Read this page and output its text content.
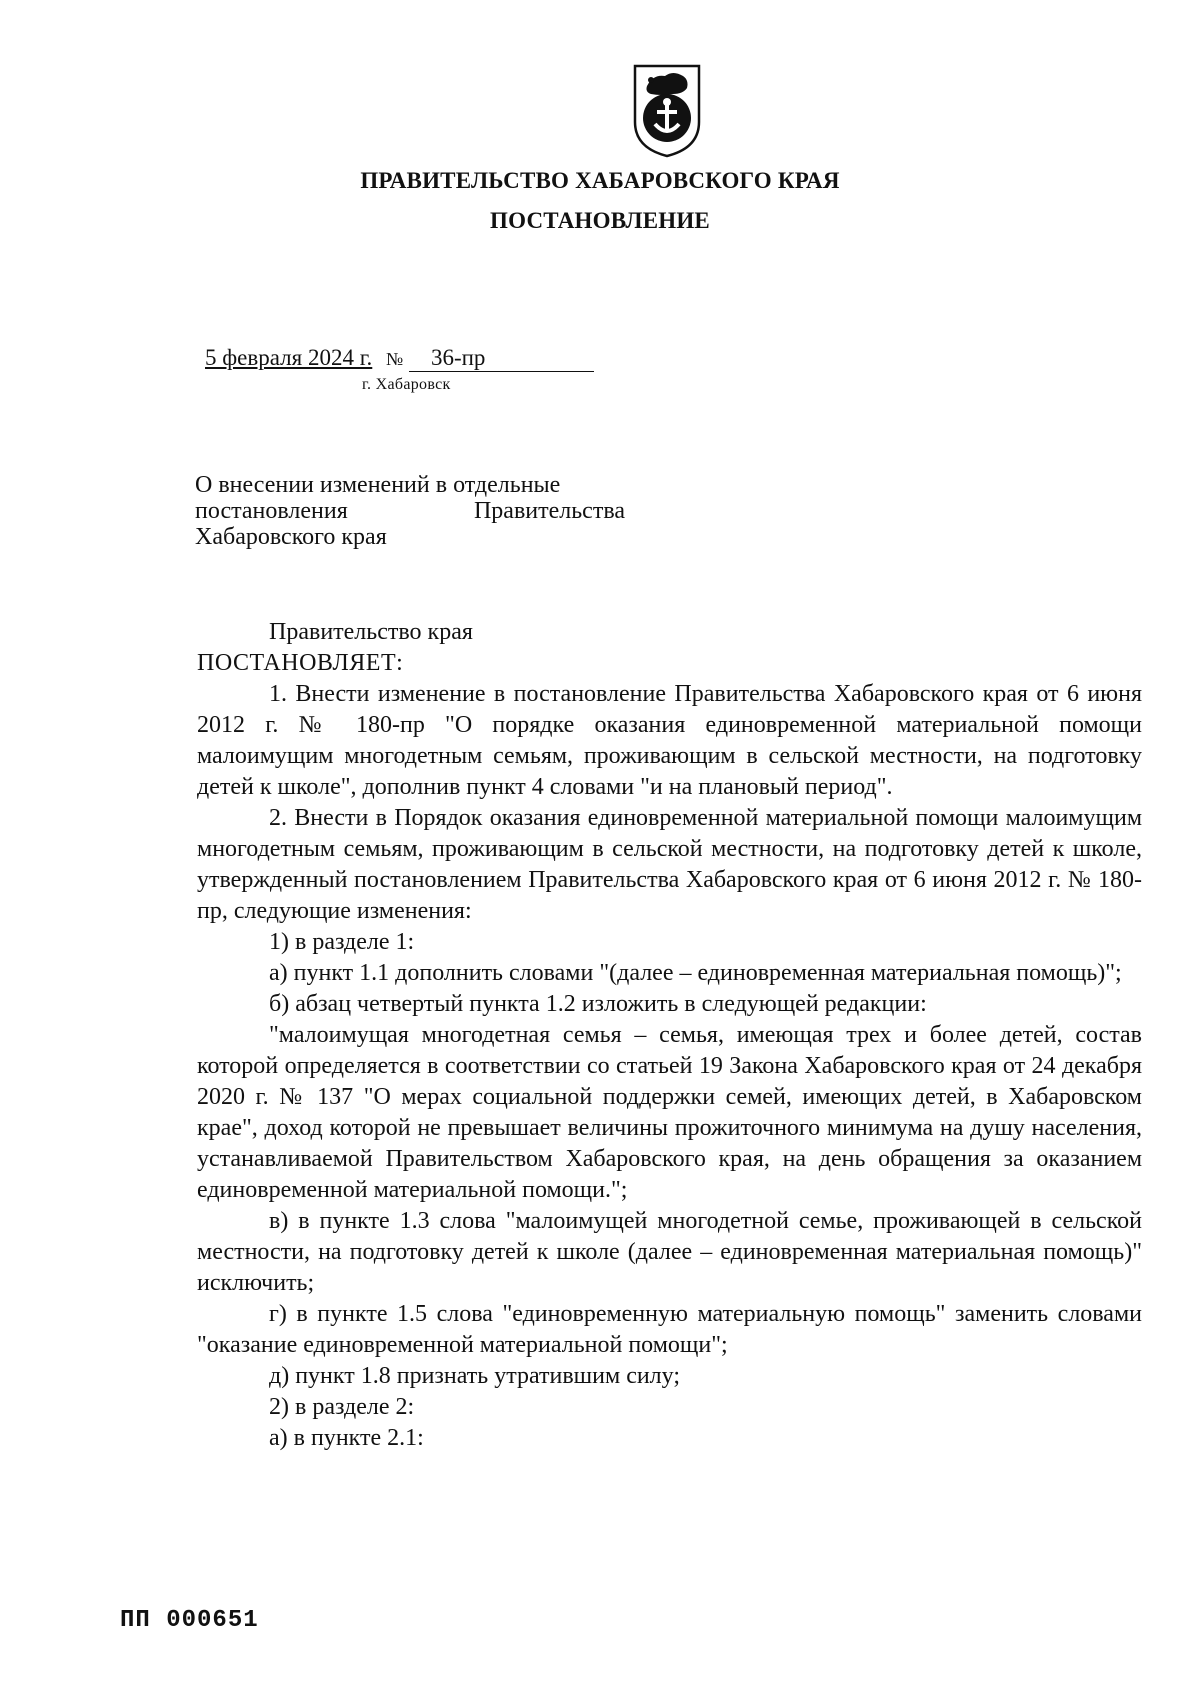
ПРАВИТЕЛЬСТВО ХАБАРОВСКОГО КРАЯ
ПОСТАНОВЛЕНИЕ
5 февраля 2024 г. № 36-пр
г. Хабаровск
О внесении изменений в отдельные
постановления Правительства
Хабаровского края

Правительство края

ПОСТАНОВЛЯЕТ:

1. Внести изменение в постановление Правительства Хабаровского края от 6 июня 2012 г. № 180-пр "О порядке оказания единовременной материальной помощи малоимущим многодетным семьям, проживающим в сельской местности, на подготовку детей к школе", дополнив пункт 4 словами "и на плановый период".

2. Внести в Порядок оказания единовременной материальной помощи малоимущим многодетным семьям, проживающим в сельской местности, на подготовку детей к школе, утвержденный постановлением Правительства Хабаровского края от 6 июня 2012 г. № 180-пр, следующие изменения:

1) в разделе 1:

а) пункт 1.1 дополнить словами "(далее – единовременная материальная помощь)";

б) абзац четвертый пункта 1.2 изложить в следующей редакции:

"малоимущая многодетная семья – семья, имеющая трех и более детей, состав которой определяется в соответствии со статьей 19 Закона Хабаровского края от 24 декабря 2020 г. № 137 "О мерах социальной поддержки семей, имеющих детей, в Хабаровском крае", доход которой не превышает величины прожиточного минимума на душу населения, устанавливаемой Правительством Хабаровского края, на день обращения за оказанием единовременной материальной помощи.";

в) в пункте 1.3 слова "малоимущей многодетной семье, проживающей в сельской местности, на подготовку детей к школе (далее – единовременная материальная помощь)" исключить;

г) в пункте 1.5 слова "единовременную материальную помощь" заменить словами "оказание единовременной материальной помощи";

д) пункт 1.8 признать утратившим силу;

2) в разделе 2:

а) в пункте 2.1:

ПП 000651
